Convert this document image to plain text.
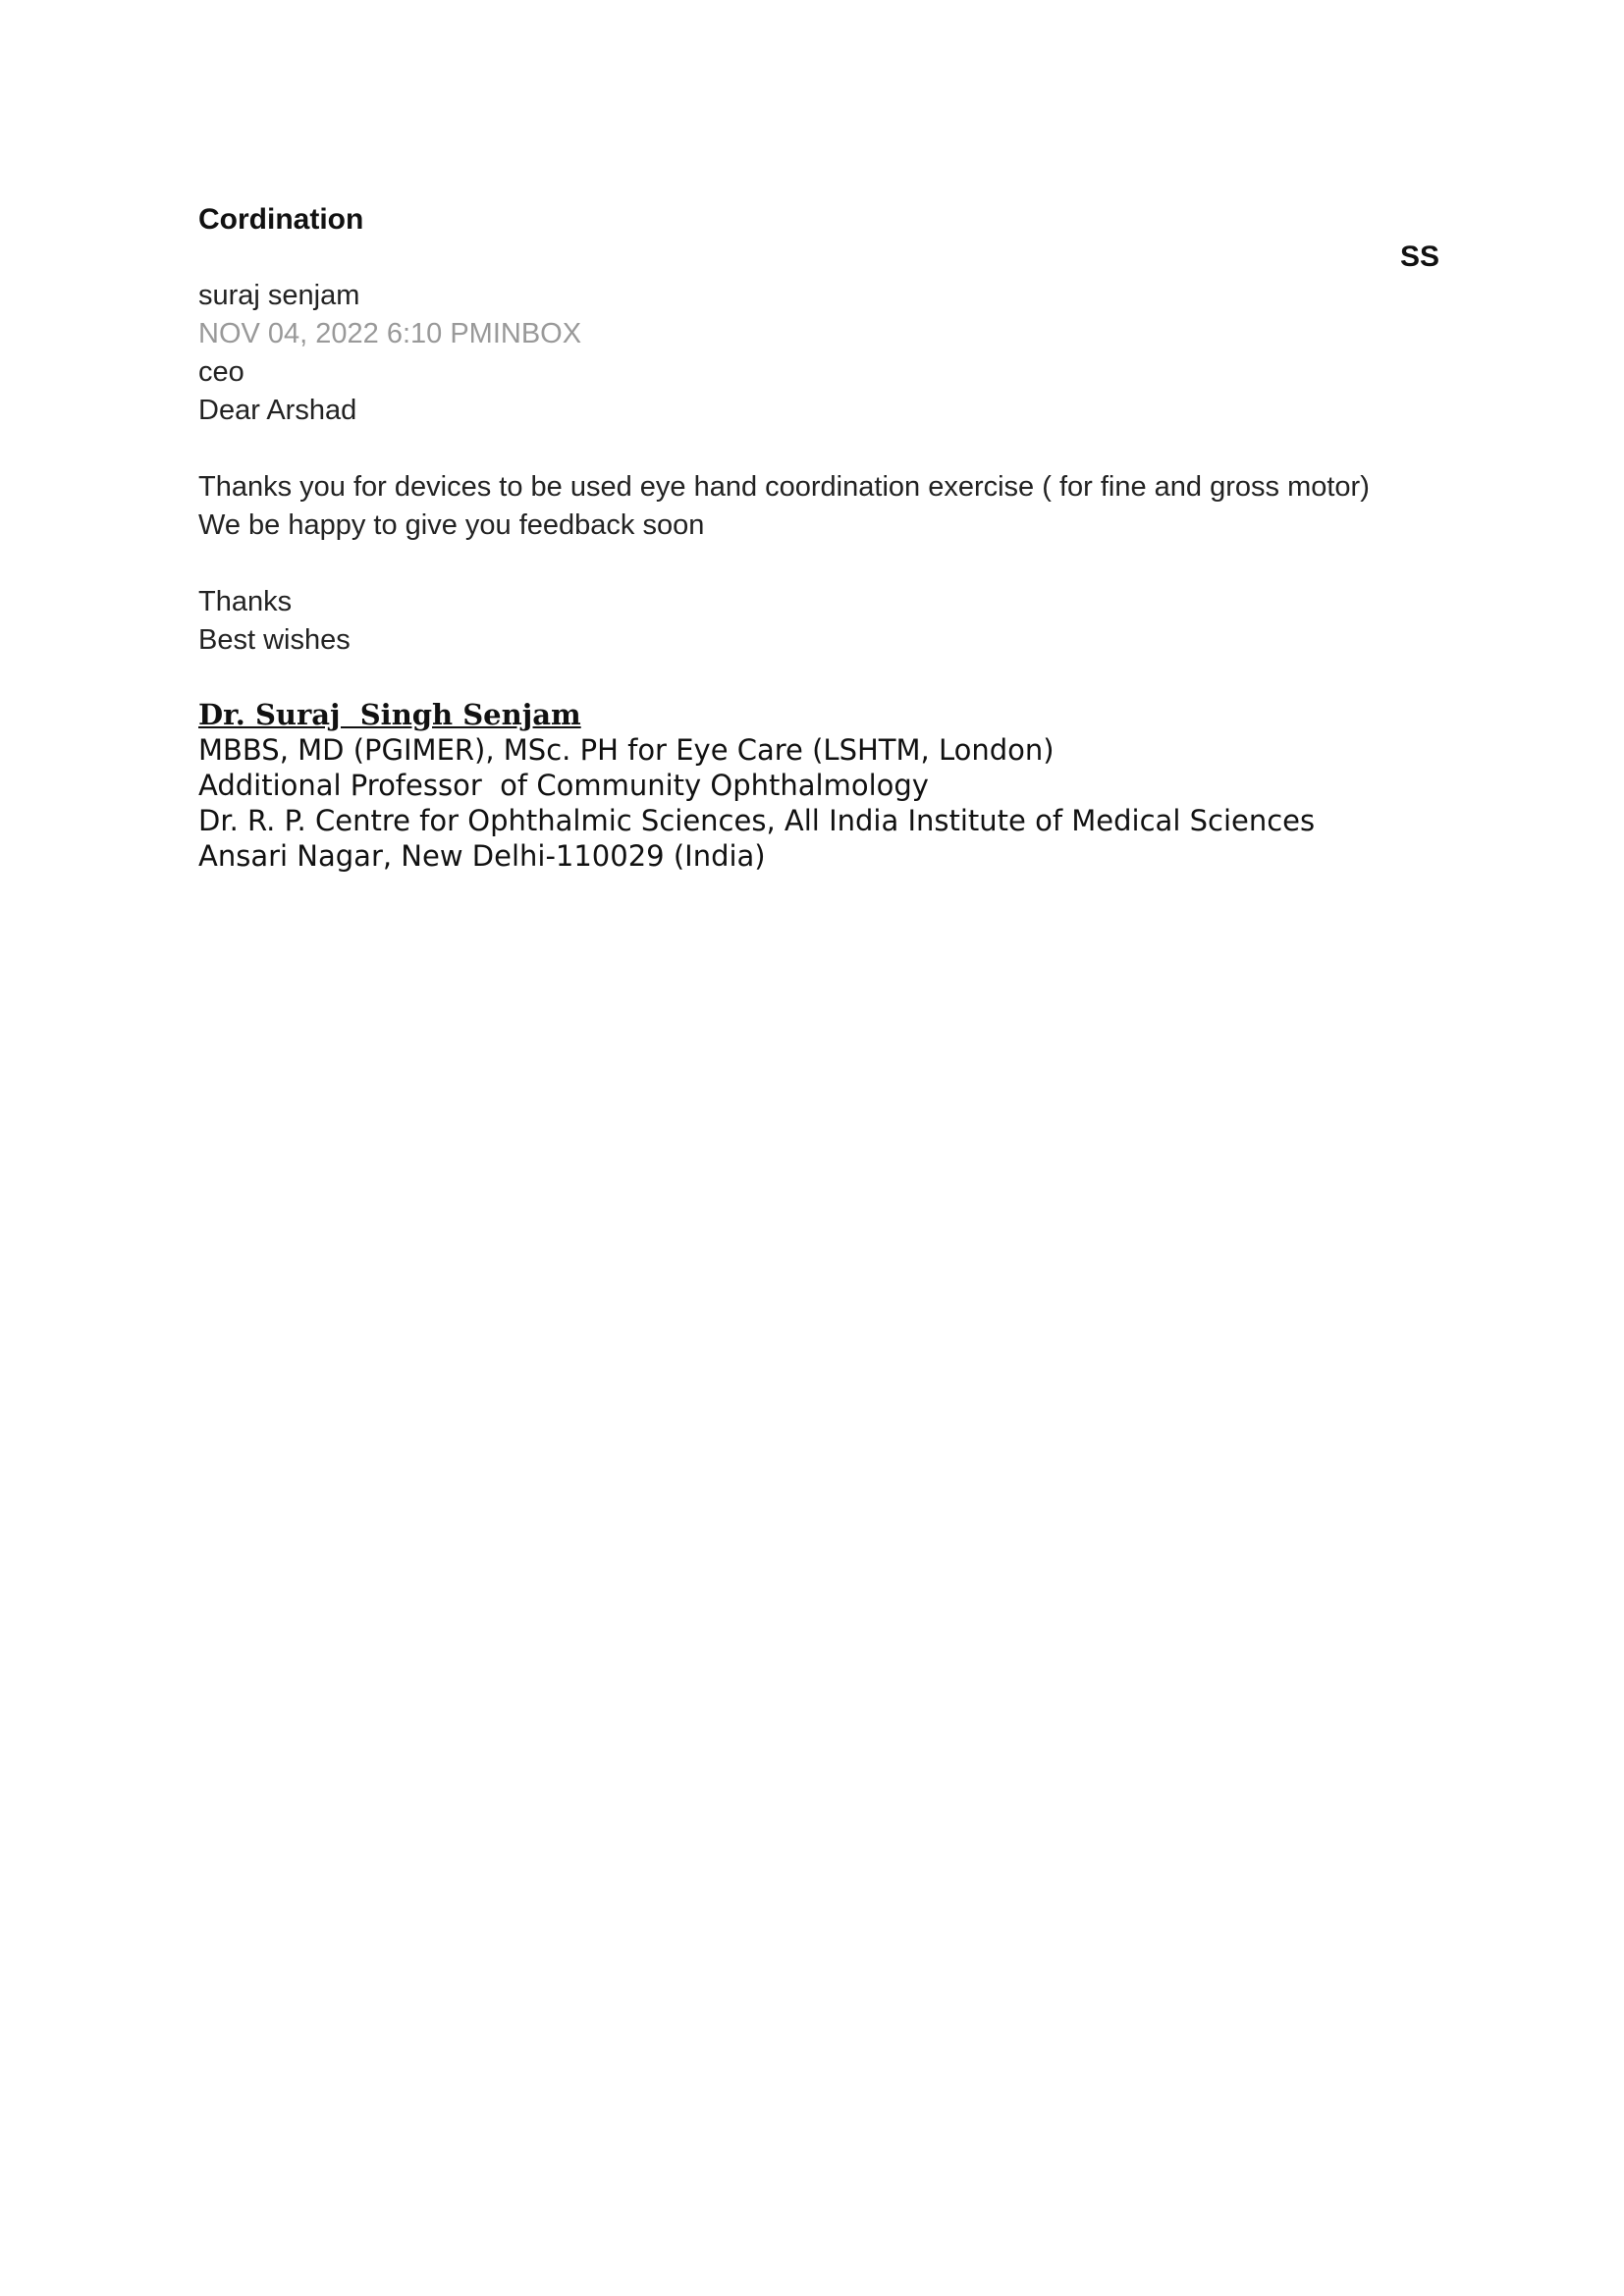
Cordination
SS
suraj senjam
NOV 04, 2022 6:10 PMINBOX
ceo
Dear Arshad
Thanks you for devices to be used eye hand coordination exercise ( for fine and gross motor)
We be happy to give you feedback soon
Thanks
Best wishes
Dr. Suraj  Singh Senjam
MBBS, MD (PGIMER), MSc. PH for Eye Care (LSHTM, London)
Additional Professor  of Community Ophthalmology
Dr. R. P. Centre for Ophthalmic Sciences, All India Institute of Medical Sciences
Ansari Nagar, New Delhi-110029 (India)
